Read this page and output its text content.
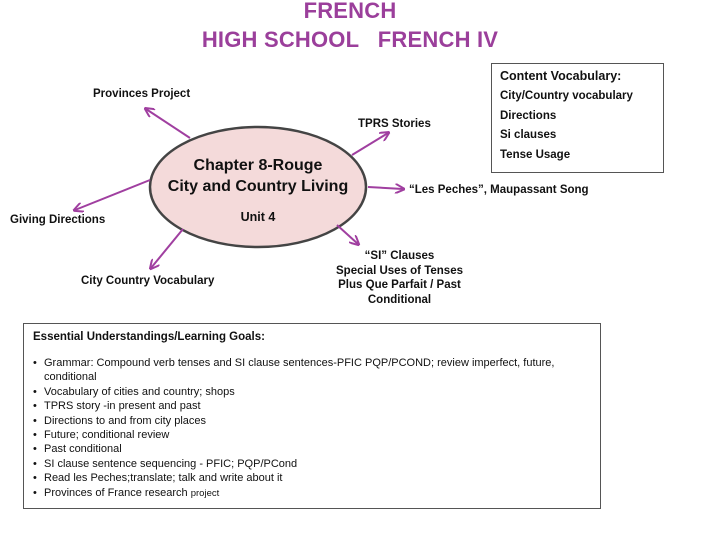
FRENCH
HIGH SCHOOL   FRENCH IV
Chapter 8-Rouge
City and Country Living
Unit 4
Provinces Project
TPRS Stories
“Les Peches”, Maupassant Song
Giving Directions
City Country Vocabulary
“SI” Clauses
Special Uses of Tenses
Plus Que Parfait / Past
Conditional
Content Vocabulary:
City/Country vocabulary
Directions
Si clauses
Tense Usage
Essential Understandings/Learning Goals:
• Grammar: Compound verb tenses and SI clause sentences-PFIC PQP/PCOND; review imperfect, future, conditional
• Vocabulary of cities and country; shops
• TPRS story -in present and past
• Directions to and from city places
• Future; conditional review
• Past conditional
• SI clause sentence sequencing - PFIC; PQP/PCond
• Read les Peches;translate; talk and write about it
• Provinces of France research project
